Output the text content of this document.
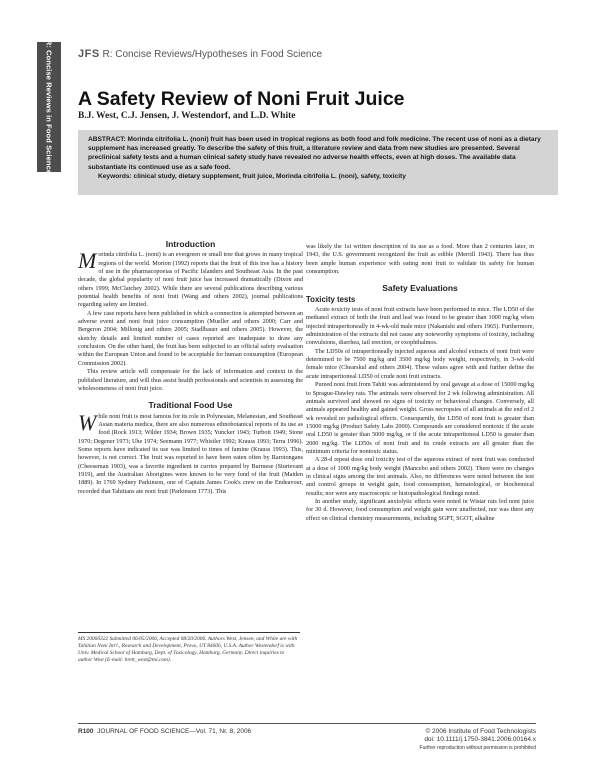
R: Concise Reviews in Food Science JFS R: Concise Reviews/Hypotheses in Food Science
A Safety Review of Noni Fruit Juice
B.J. West, C.J. Jensen, J. Westendorf, and L.D. White
ABSTRACT: Morinda citrifolia L. (noni) fruit has been used in tropical regions as both food and folk medicine. The recent use of noni as a dietary supplement has increased greatly. To describe the safety of this fruit, a literature review and data from new studies are presented. Several preclinical safety tests and a human clinical safety study have revealed no adverse health effects, even at high doses. The available data substantiate its continued use as a safe food.
Keywords: clinical study, dietary supplement, fruit juice, Morinda citrifolia L. (noni), safety, toxicity
Introduction

Morinda citrifolia L. (noni) is an evergreen or small tree that grows in many tropical regions of the world. Morton (1992) reports that the fruit of this tree has a history of use in the pharmacopoeias of Pacific Islanders and Southeast Asia. In the past decade, the global popularity of noni fruit juice has increased dramatically (Dixon and others 1999; McClatchey 2002). While there are several publications describing various potential health benefits of noni fruit (Wang and others 2002), journal publications regarding safety are limited.

A few case reports have been published in which a connection is attempted between an adverse event and noni fruit juice consumption (Mueller and others 2000; Carr and Bergeron 2004; Millonig and others 2005; Stadlbauer and others 2005). However, the sketchy details and limited number of cases reported are inadequate to draw any conclusion. On the other hand, the fruit has been subjected to an official safety evaluation within the European Union and found to be acceptable for human consumption (European Commission 2002).

This review article will compensate for the lack of information and context in the published literature, and will thus assist health professionals and scientists in assessing the wholesomeness of noni fruit juice.

Traditional Food Use

While noni fruit is most famous for its role in Polynesian, Melanesian, and Southeast Asian materia medica, there are also numerous ethnobotanical reports of its use as food (Rock 1913; Wilder 1934; Brown 1935; Yuncker 1943; Turbott 1949; Stone 1970; Degener 1973; Uhe 1974; Seemann 1977; Whistler 1992; Krauss 1993; Terra 1996). Some reports have indicated its use was limited to times of famine (Krauss 1993). This, however, is not correct. The fruit was reported to have been eaten often by Rarotongans (Cheeseman 1903), was a favorite ingredient in curries prepared by Burmese (Sturtevant 1919), and the Australian Aborigines were known to be very fond of the fruit (Maiden 1889). In 1769 Sydney Parkinson, one of Captain James Cook's crew on the Endeavour, recorded that Tahitians ate noni fruit (Parkinson 1773). This

MS 20060322 Submitted 06/05/2006, Accepted 08/20/2006. Authors West, Jensen, and White are with Tahitian Noni Int'l., Research and Development, Provo, UT 84606, U.S.A. Author Westendorf is with Univ. Medical School of Hamburg, Dept. of Toxicology, Hamburg, Germany. Direct inquiries to author West (E-mail: brett_west@tni.com).

was likely the 1st written description of its use as a food. More than 2 centuries later, in 1943, the U.S. government recognized the fruit as edible (Merrill 1943). There has thus been ample human experience with eating noni fruit to validate its safety for human consumption.

Safety Evaluations
Toxicity tests

Acute toxicity tests of noni fruit extracts have been performed in mice. The LD50 of the methanol extract of both the fruit and leaf was found to be greater than 1000 mg/kg when injected intraperitoneally in 4-wk-old male mice (Nakanishi and others 1965). Furthermore, administration of the extracts did not cause any noteworthy symptoms of toxicity, including convulsions, diarrhea, tail erection, or exophthalmos.

The LD50s of intraperitoneally injected aqueous and alcohol extracts of noni fruit were determined to be 7500 mg/kg and 3500 mg/kg body weight, respectively, in 3-wk-old female mice (Chearskul and others 2004). These values agree with and further define the acute intraperitoneal LD50 of crude noni fruit extracts.

Pureed noni fruit from Tahiti was administered by oral gavage at a dose of 15000 mg/kg to Sprague-Dawley rats. The animals were observed for 2 wk following administration. All animals survived and showed no signs of toxicity or behavioral changes. Conversely, all animals appeared healthy and gained weight. Gross necropsies of all animals at the end of 2 wk revealed no pathological effects. Consequently, the LD50 of noni fruit is greater than 15000 mg/kg (Product Safety Labs 2000). Compounds are considered nontoxic if the acute oral LD50 is greater than 5000 mg/kg, or if the acute intraperitoneal LD50 is greater than 2000 mg/kg. The LD50s of noni fruit and its crude extracts are all greater than the minimum criteria for nontoxic status.

A 28-d repeat dose oral toxicity test of the aqueous extract of noni fruit was conducted at a dose of 1000 mg/kg body weight (Mancebo and others 2002). There were no changes in clinical signs among the test animals. Also, no differences were noted between the test and control groups in weight gain, food consumption, hematological, or biochemical results; nor were any macroscopic or histopathological findings noted.

In another study, significant anxiolytic effects were noted in Wistar rats fed noni juice for 30 d. However, food consumption and weight gain were unaffected, nor was there any effect on clinical chemistry measurements, including SGPT, SGOT, alkaline

R100 JOURNAL OF FOOD SCIENCE—Vol. 71, Nr. 8, 2006	© 2006 Institute of Food Technologists
doi: 10.1111/j.1750-3841.2006.00164.x
Further reproduction without permission is prohibited
